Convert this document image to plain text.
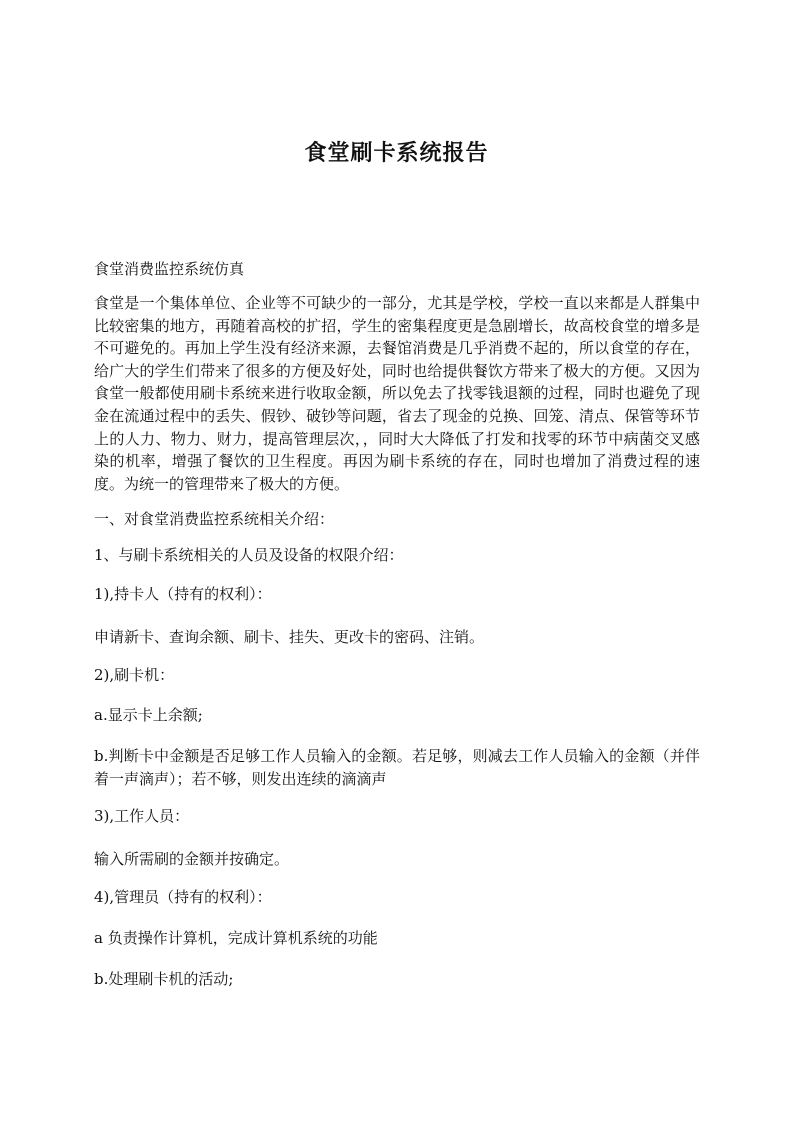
食堂刷卡系统报告

食堂消费监控系统仿真

食堂是一个集体单位、企业等不可缺少的一部分，尤其是学校，学校一直以来都是人群集中比较密集的地方，再随着高校的扩招，学生的密集程度更是急剧增长，故高校食堂的增多是不可避免的。再加上学生没有经济来源，去餐馆消费是几乎消费不起的，所以食堂的存在，给广大的学生们带来了很多的方便及好处，同时也给提供餐饮方带来了极大的方便。又因为食堂一般都使用刷卡系统来进行收取金额，所以免去了找零钱退额的过程，同时也避免了现金在流通过程中的丢失、假钞、破钞等问题，省去了现金的兑换、回笼、清点、保管等环节上的人力、物力、财力，提高管理层次，，同时大大降低了打发和找零的环节中病菌交叉感染的机率，增强了餐饮的卫生程度。再因为刷卡系统的存在，同时也增加了消费过程的速度。为统一的管理带来了极大的方便。

一、对食堂消费监控系统相关介绍：

1、与刷卡系统相关的人员及设备的权限介绍：

1),持卡人（持有的权利）：

申请新卡、查询余额、刷卡、挂失、更改卡的密码、注销。

2),刷卡机：

a.显示卡上余额;

b.判断卡中金额是否足够工作人员输入的金额。若足够，则减去工作人员输入的金额（并伴着一声滴声）；若不够，则发出连续的滴滴声

3),工作人员：

输入所需刷的金额并按确定。

4),管理员（持有的权利）：

a 负责操作计算机，完成计算机系统的功能

b.处理刷卡机的活动;
